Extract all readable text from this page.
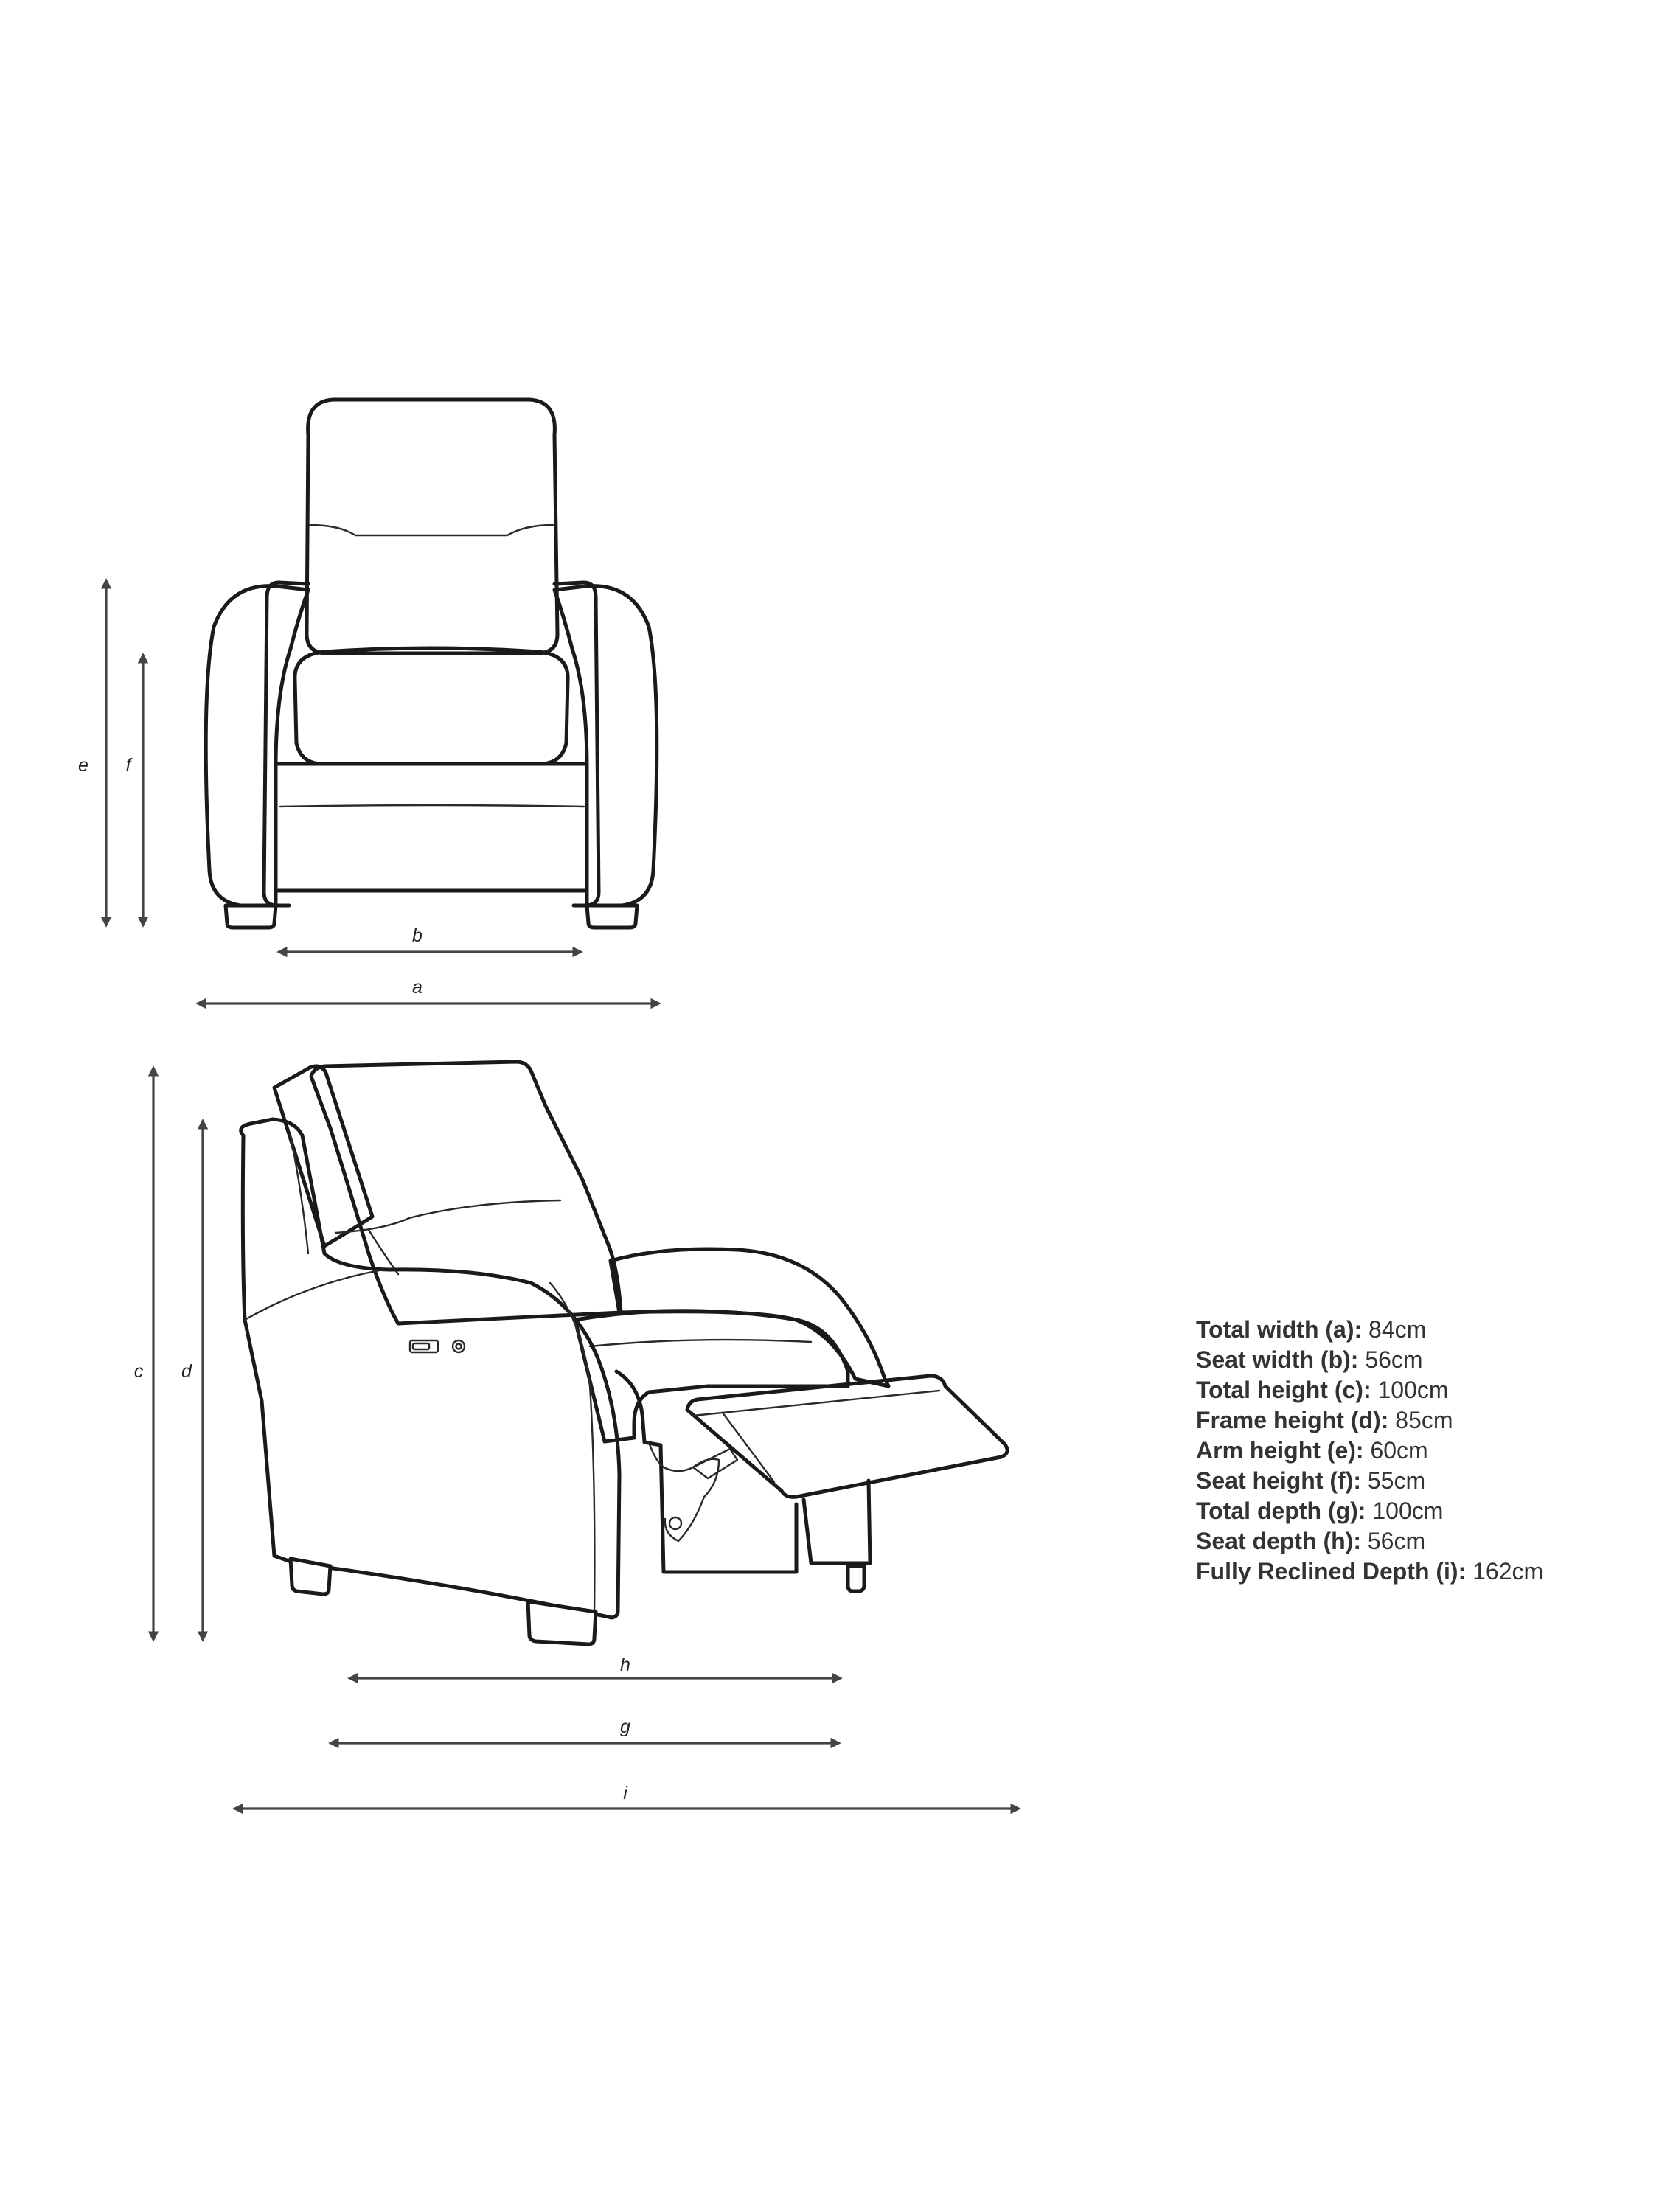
e f
b
a
c d
h
g
i
Total width (a): 84cm
Seat width (b): 56cm
Total height (c): 100cm
Frame height (d): 85cm
Arm height (e): 60cm
Seat height (f): 55cm
Total depth (g): 100cm
Seat depth (h): 56cm
Fully Reclined Depth (i): 162cm
